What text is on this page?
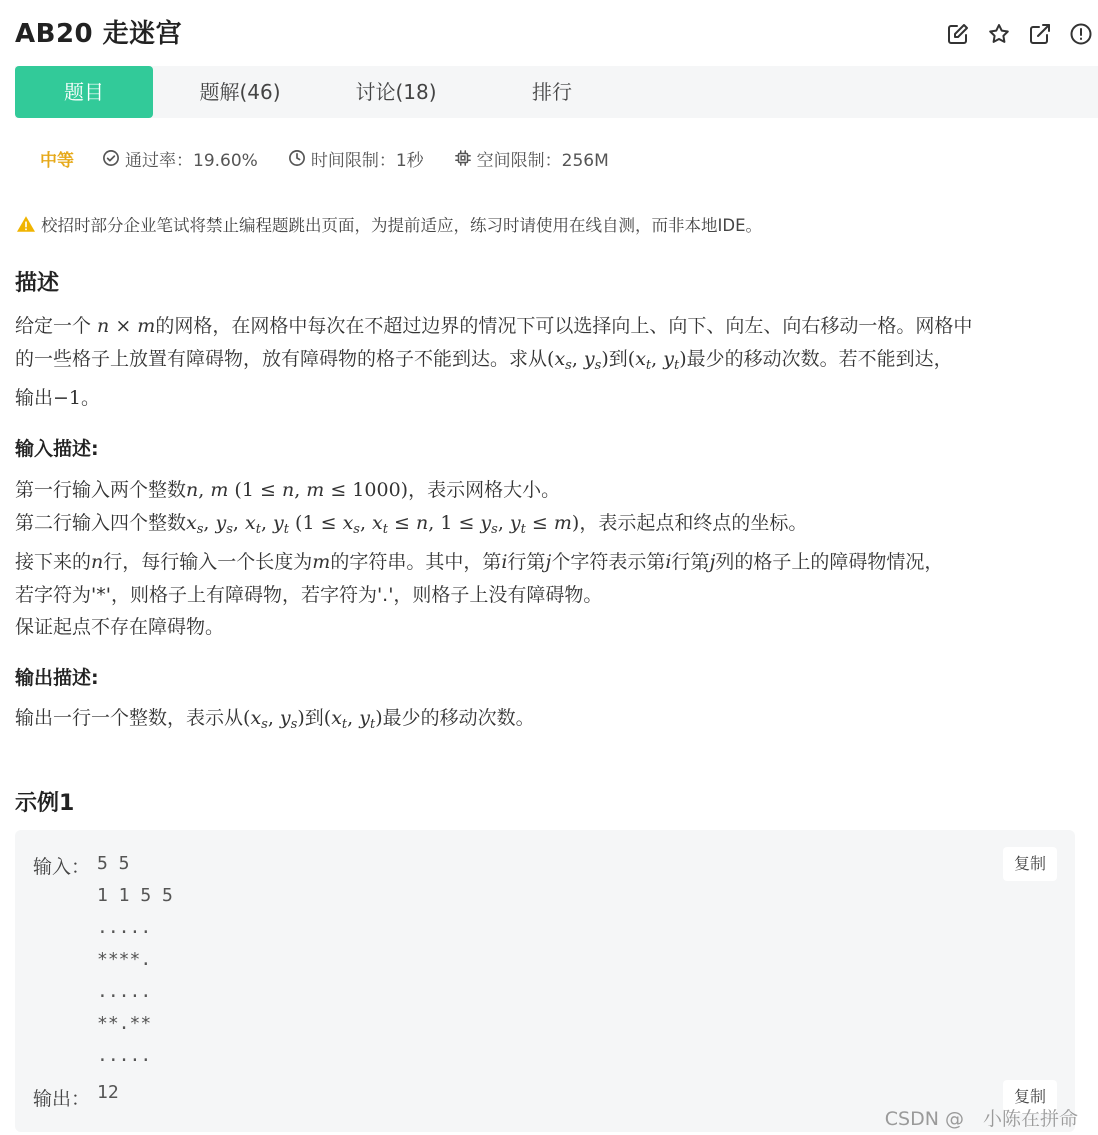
AB20 走迷宫
题目	题解(46)	讨论(18)	排行
中等	通过率：19.60%	时间限制：1秒	空间限制：256M
校招时部分企业笔试将禁止编程题跳出页面，为提前适应，练习时请使用在线自测，而非本地IDE。
描述
给定一个 n × m的网格，在网格中每次在不超过边界的情况下可以选择向上、向下、向左、向右移动一格。网格中
的一些格子上放置有障碍物，放有障碍物的格子不能到达。求从($x_s$, $y_s$)到($x_t$, $y_t$)最少的移动次数。若不能到达，
输出−1。
输入描述:
第一行输入两个整数n, m (1 ≤ n, m ≤ 1000)，表示网格大小。
第二行输入四个整数$x_s$, $y_s$, $x_t$, $y_t$ ($1 \le x_s$, $x_t \le n$, $1 \le y_s$, $y_t \le m$)，表示起点和终点的坐标。
接下来的n行，每行输入一个长度为m的字符串。其中，第i行第j个字符表示第i行第j列的格子上的障碍物情况，
若字符为'*'，则格子上有障碍物，若字符为'.'，则格子上没有障碍物。
保证起点不存在障碍物。
输出描述:
输出一行一个整数，表示从($x_s$, $y_s$)到($x_t$, $y_t$)最少的移动次数。
示例1
输入： 5 5
1 1 5 5
.....
****.
.....
**.**
.....
复制
输出： 12	复制
CSDN @　小陈在拼命
